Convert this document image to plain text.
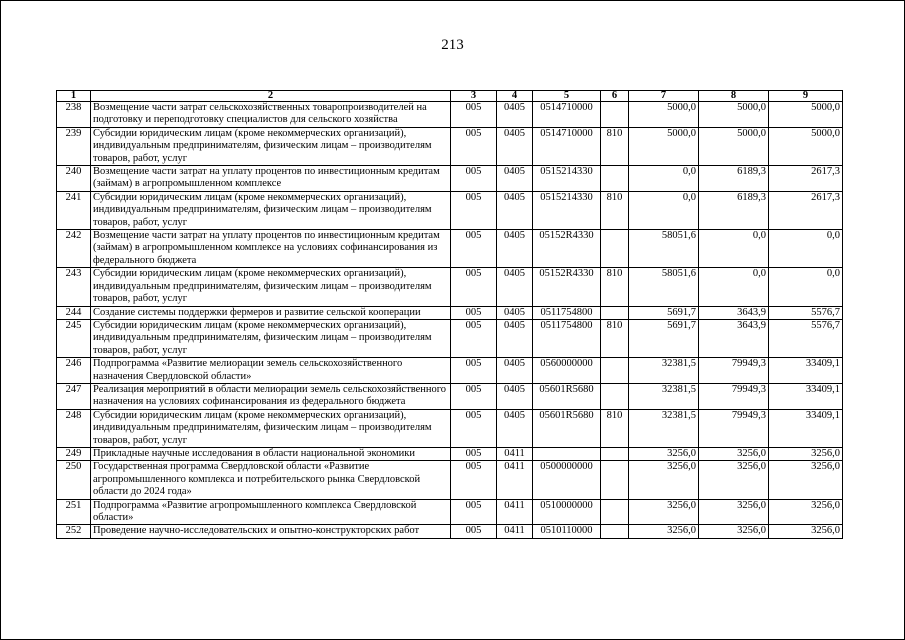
213
1	2	3	4	5	6	7	8	9
238	Возмещение части затрат сельскохозяйственных товаропроизводителей на подготовку и переподготовку специалистов для сельского хозяйства	005	0405	0514710000		5000,0	5000,0	5000,0
239	Субсидии юридическим лицам (кроме некоммерческих организаций), индивидуальным предпринимателям, физическим лицам – производителям товаров, работ, услуг	005	0405	0514710000	810	5000,0	5000,0	5000,0
240	Возмещение части затрат на уплату процентов по инвестиционным кредитам (займам) в агропромышленном комплексе	005	0405	0515214330		0,0	6189,3	2617,3
241	Субсидии юридическим лицам (кроме некоммерческих организаций), индивидуальным предпринимателям, физическим лицам – производителям товаров, работ, услуг	005	0405	0515214330	810	0,0	6189,3	2617,3
242	Возмещение части затрат на уплату процентов по инвестиционным кредитам (займам) в агропромышленном комплексе на условиях софинансирования из федерального бюджета	005	0405	05152R4330		58051,6	0,0	0,0
243	Субсидии юридическим лицам (кроме некоммерческих организаций), индивидуальным предпринимателям, физическим лицам – производителям товаров, работ, услуг	005	0405	05152R4330	810	58051,6	0,0	0,0
244	Создание системы поддержки фермеров и развитие сельской кооперации	005	0405	0511754800		5691,7	3643,9	5576,7
245	Субсидии юридическим лицам (кроме некоммерческих организаций), индивидуальным предпринимателям, физическим лицам – производителям товаров, работ, услуг	005	0405	0511754800	810	5691,7	3643,9	5576,7
246	Подпрограмма «Развитие мелиорации земель сельскохозяйственного назначения Свердловской области»	005	0405	0560000000		32381,5	79949,3	33409,1
247	Реализация мероприятий в области мелиорации земель сельскохозяйственного назначения на условиях софинансирования из федерального бюджета	005	0405	05601R5680		32381,5	79949,3	33409,1
248	Субсидии юридическим лицам (кроме некоммерческих организаций), индивидуальным предпринимателям, физическим лицам – производителям товаров, работ, услуг	005	0405	05601R5680	810	32381,5	79949,3	33409,1
249	Прикладные научные исследования в области национальной экономики	005	0411			3256,0	3256,0	3256,0
250	Государственная программа Свердловской области «Развитие агропромышленного комплекса и потребительского рынка Свердловской области до 2024 года»	005	0411	0500000000		3256,0	3256,0	3256,0
251	Подпрограмма «Развитие агропромышленного комплекса Свердловской области»	005	0411	0510000000		3256,0	3256,0	3256,0
252	Проведение научно-исследовательских и опытно-конструкторских работ	005	0411	0510110000		3256,0	3256,0	3256,0
